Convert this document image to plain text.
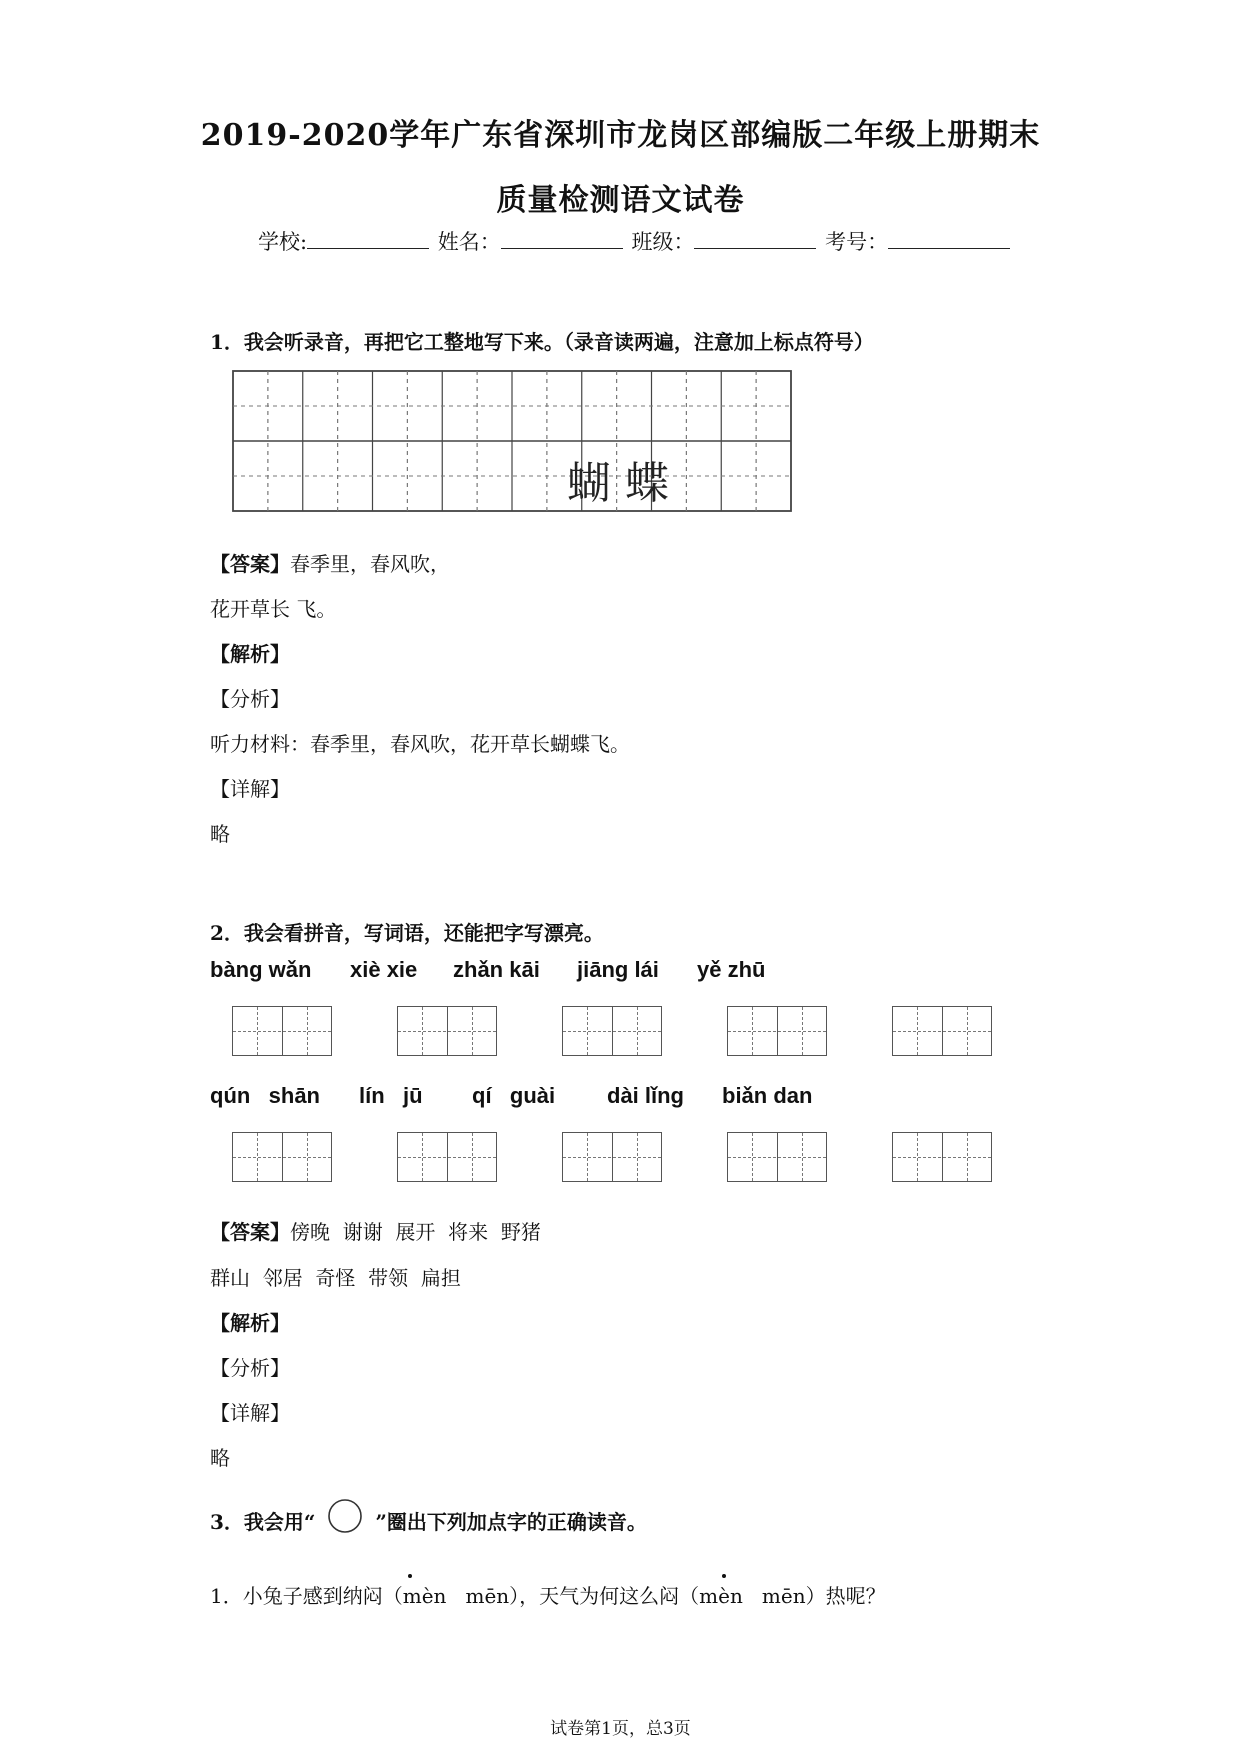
2019-2020学年广东省深圳市龙岗区部编版二年级上册期末
质量检测语文试卷
学校:	姓名：	班级：	考号：
1．我会听录音，再把它工整地写下来。（录音读两遍，注意加上标点符号）
蝴 蝶
【答案】春季里，春风吹，
花开草长 飞。
【解析】
【分析】
听力材料：春季里，春风吹，花开草长蝴蝶飞。
【详解】
略
2．我会看拼音，写词语，还能把字写漂亮。
bàng wǎn xiè xie zhǎn kāi jiāng lái yě zhū
qún   shān lín   jū qí   guài dài lǐng biǎn dan
【答案】傍晚  谢谢  展开  将来  野猪
群山  邻居  奇怪  带领  扁担
【解析】
【分析】
【详解】
略
3．我会用“	”圈出下列加点字的正确读音。
1．小兔子感到纳闷（mèn   mēn），天气为何这么闷（mèn   mēn）热呢？
试卷第1页，总3页
